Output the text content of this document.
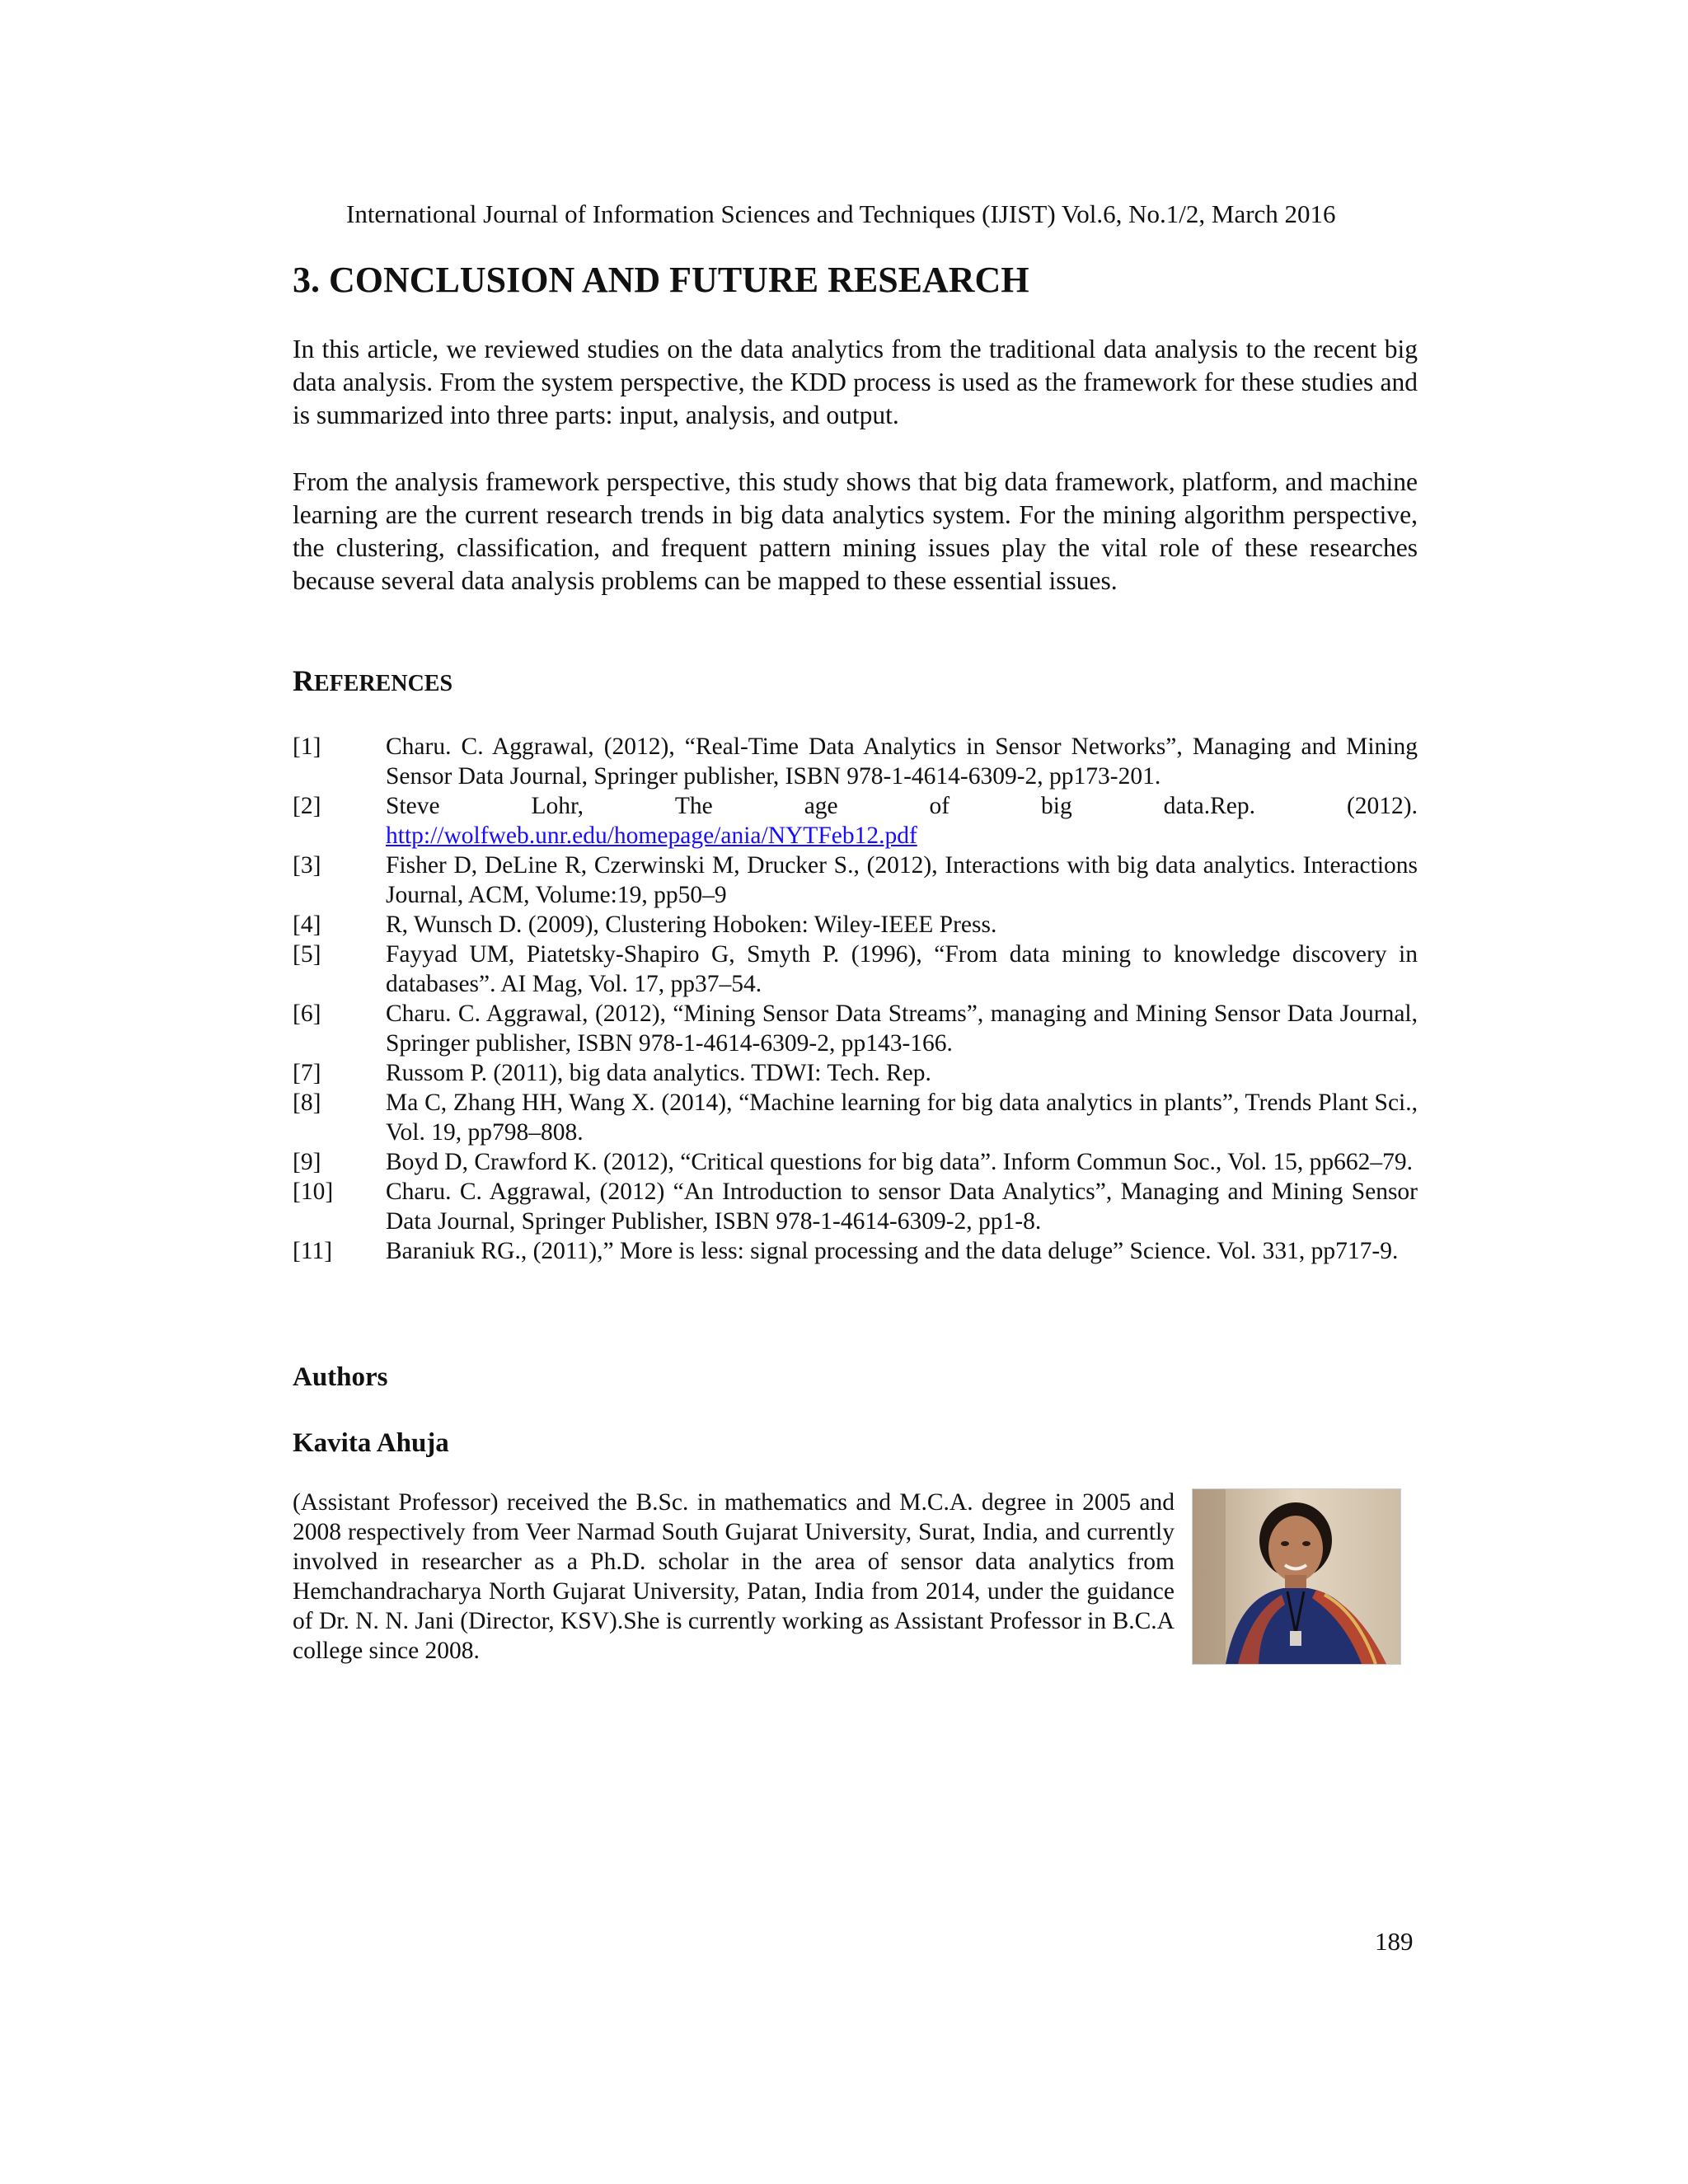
International Journal of Information Sciences and Techniques (IJIST) Vol.6, No.1/2, March 2016
3. CONCLUSION AND FUTURE RESEARCH

In this article, we reviewed studies on the data analytics from the traditional data analysis to the recent big data analysis. From the system perspective, the KDD process is used as the framework for these studies and is summarized into three parts: input, analysis, and output.

From the analysis framework perspective, this study shows that big data framework, platform, and machine learning are the current research trends in big data analytics system. For the mining algorithm perspective, the clustering, classification, and frequent pattern mining issues play the vital role of these researches because several data analysis problems can be mapped to these essential issues.

REFERENCES
[1]	Charu. C. Aggrawal, (2012), “Real-Time Data Analytics in Sensor Networks”, Managing and Mining Sensor Data Journal, Springer publisher, ISBN 978-1-4614-6309-2, pp173-201.
[2]	Steve	Lohr,	The	age	of	big	data.Rep.	(2012).
http://wolfweb.unr.edu/homepage/ania/NYTFeb12.pdf
[3]	Fisher D, DeLine R, Czerwinski M, Drucker S., (2012), Interactions with big data analytics. Interactions Journal, ACM, Volume:19, pp50–9
[4]	R, Wunsch D. (2009), Clustering Hoboken: Wiley-IEEE Press.
[5]	Fayyad UM, Piatetsky-Shapiro G, Smyth P. (1996), “From data mining to knowledge discovery in databases”. AI Mag, Vol. 17, pp37–54.
[6]	Charu. C. Aggrawal, (2012), “Mining Sensor Data Streams”, managing and Mining Sensor Data Journal, Springer publisher, ISBN 978-1-4614-6309-2, pp143-166.
[7]	Russom P. (2011), big data analytics. TDWI: Tech. Rep.
[8]	Ma C, Zhang HH, Wang X. (2014), “Machine learning for big data analytics in plants”, Trends Plant Sci., Vol. 19, pp798–808.
[9]	Boyd D, Crawford K. (2012), “Critical questions for big data”. Inform Commun Soc., Vol. 15, pp662–79.
[10]	Charu. C. Aggrawal, (2012) “An Introduction to sensor Data Analytics”, Managing and Mining Sensor Data Journal, Springer Publisher, ISBN 978-1-4614-6309-2, pp1-8.
[11]	Baraniuk RG., (2011),” More is less: signal processing and the data deluge” Science. Vol. 331, pp717-9.
Authors
Kavita Ahuja

(Assistant Professor) received the B.Sc. in mathematics and M.C.A. degree in 2005 and 2008 respectively from Veer Narmad South Gujarat University, Surat, India, and currently involved in researcher as a Ph.D. scholar in the area of sensor data analytics from Hemchandracharya North Gujarat University, Patan, India from 2014, under the guidance of Dr. N. N. Jani (Director, KSV).She is currently working as Assistant Professor in B.C.A college since 2008.

189
